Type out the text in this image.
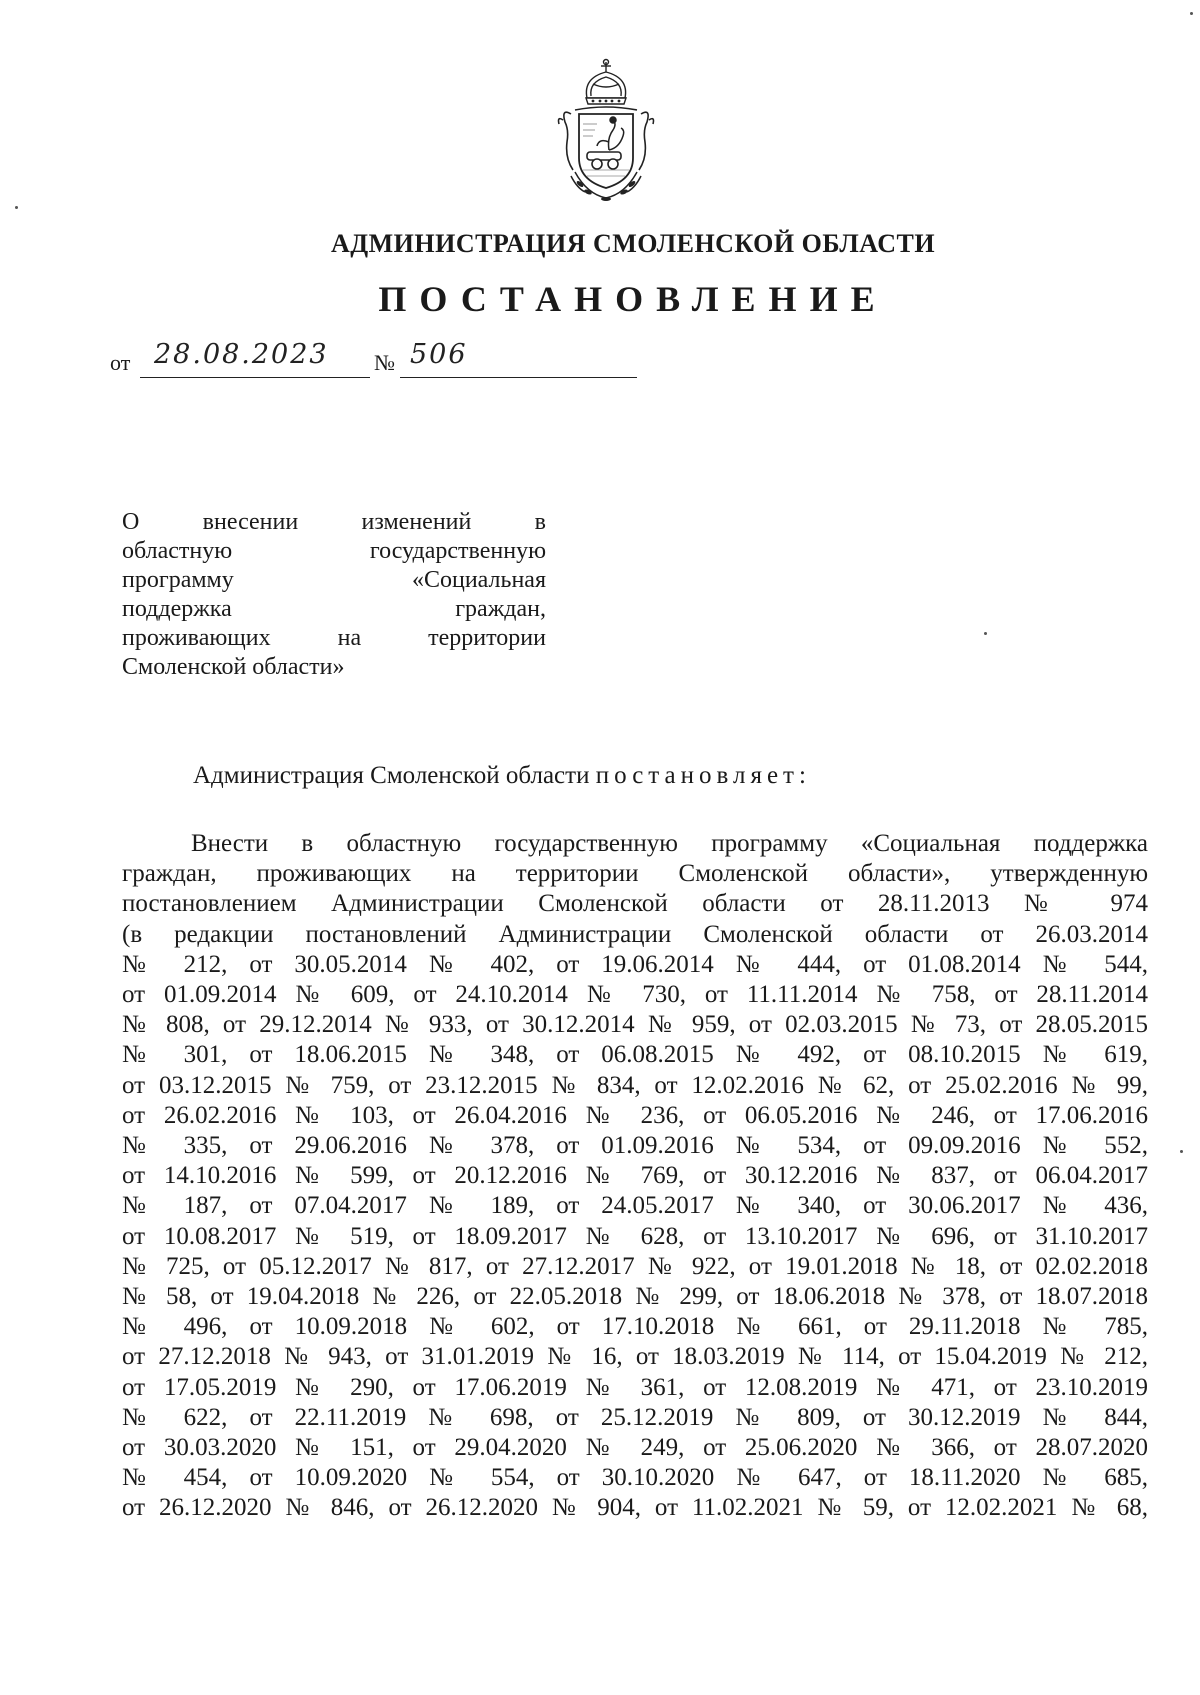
АДМИНИСТРАЦИЯ СМОЛЕНСКОЙ ОБЛАСТИ
ПОСТАНОВЛЕНИЕ
от 28.08.2023 № 506
О внесении изменений в
областную государственную
программу «Социальная
поддержка граждан,
проживающих на территории
Смоленской области»
Администрация Смоленской области постановляет:
Внести в областную государственную программу «Социальная поддержка
граждан, проживающих на территории Смоленской области», утвержденную
постановлением Администрации Смоленской области от 28.11.2013 № 974
(в редакции постановлений Администрации Смоленской области от 26.03.2014
№ 212, от 30.05.2014 № 402, от 19.06.2014 № 444, от 01.08.2014 № 544,
от 01.09.2014 № 609, от 24.10.2014 № 730, от 11.11.2014 № 758, от 28.11.2014
№ 808, от 29.12.2014 № 933, от 30.12.2014 № 959, от 02.03.2015 № 73, от 28.05.2015
№ 301, от 18.06.2015 № 348, от 06.08.2015 № 492, от 08.10.2015 № 619,
от 03.12.2015 № 759, от 23.12.2015 № 834, от 12.02.2016 № 62, от 25.02.2016 № 99,
от 26.02.2016 № 103, от 26.04.2016 № 236, от 06.05.2016 № 246, от 17.06.2016
№ 335, от 29.06.2016 № 378, от 01.09.2016 № 534, от 09.09.2016 № 552,
от 14.10.2016 № 599, от 20.12.2016 № 769, от 30.12.2016 № 837, от 06.04.2017
№ 187, от 07.04.2017 № 189, от 24.05.2017 № 340, от 30.06.2017 № 436,
от 10.08.2017 № 519, от 18.09.2017 № 628, от 13.10.2017 № 696, от 31.10.2017
№ 725, от 05.12.2017 № 817, от 27.12.2017 № 922, от 19.01.2018 № 18, от 02.02.2018
№ 58, от 19.04.2018 № 226, от 22.05.2018 № 299, от 18.06.2018 № 378, от 18.07.2018
№ 496, от 10.09.2018 № 602, от 17.10.2018 № 661, от 29.11.2018 № 785,
от 27.12.2018 № 943, от 31.01.2019 № 16, от 18.03.2019 № 114, от 15.04.2019 № 212,
от 17.05.2019 № 290, от 17.06.2019 № 361, от 12.08.2019 № 471, от 23.10.2019
№ 622, от 22.11.2019 № 698, от 25.12.2019 № 809, от 30.12.2019 № 844,
от 30.03.2020 № 151, от 29.04.2020 № 249, от 25.06.2020 № 366, от 28.07.2020
№ 454, от 10.09.2020 № 554, от 30.10.2020 № 647, от 18.11.2020 № 685,
от 26.12.2020 № 846, от 26.12.2020 № 904, от 11.02.2021 № 59, от 12.02.2021 № 68,
